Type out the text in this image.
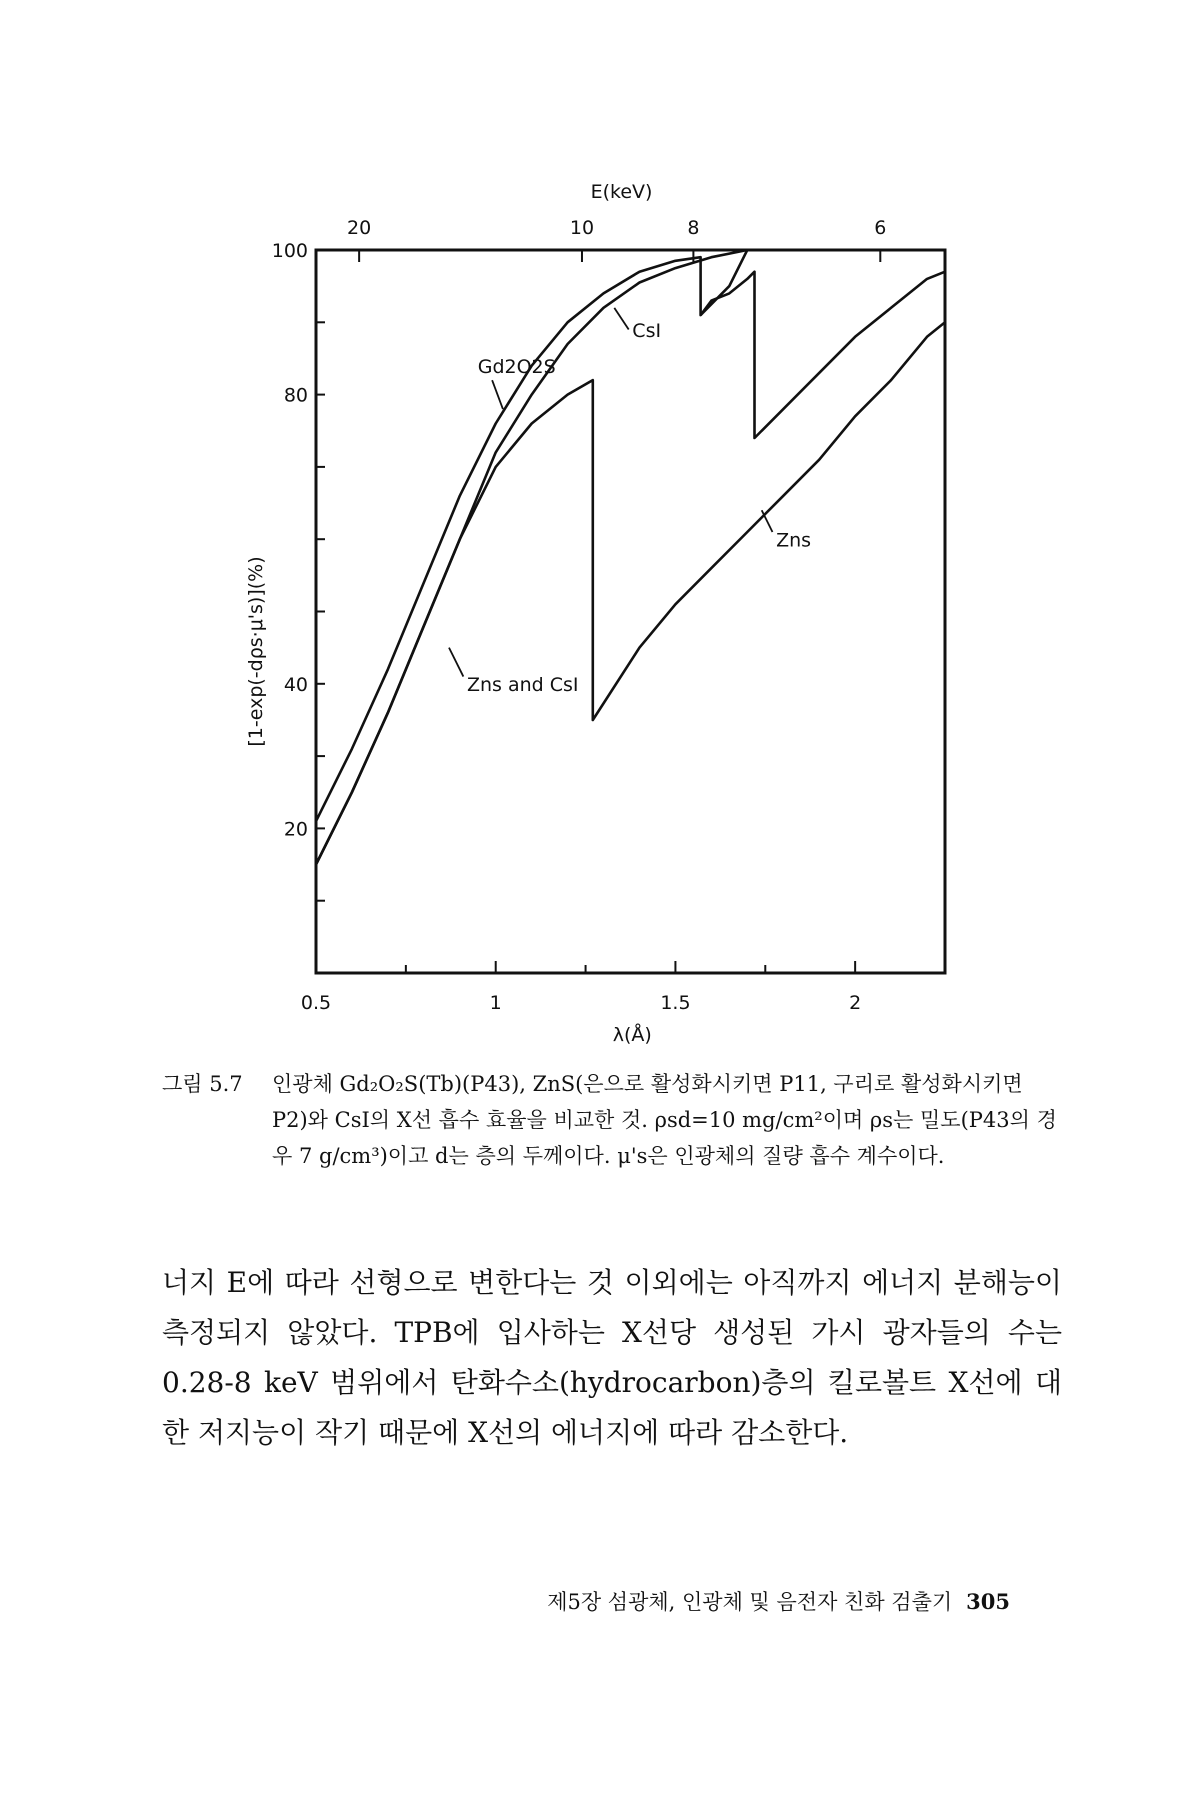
0.5	1	1.5	2
20
40
80
100
20	10	8	6
Gd2O2S
CsI
Zns
Zns and CsI
E(keV)
λ(Å)
[1-exp(-dρs·μ's)](%)
그림 5.7	인광체 Gd₂O₂S(Tb)(P43), ZnS(은으로 활성화시키면 P11, 구리로 활성화시키면 P2)와 CsI의 X선 흡수 효율을 비교한 것. ρsd=10 mg/cm²이며 ρs는 밀도(P43의 경우 7 g/cm³)이고 d는 층의 두께이다. μ's은 인광체의 질량 흡수 계수이다.
너지 E에 따라 선형으로 변한다는 것 이외에는 아직까지 에너지 분해능이 측정되지 않았다. TPB에 입사하는 X선당 생성된 가시 광자들의 수는 0.28-8 keV 범위에서 탄화수소(hydrocarbon)층의 킬로볼트 X선에 대한 저지능이 작기 때문에 X선의 에너지에 따라 감소한다.
제5장 섬광체, 인광체 및 음전자 친화 검출기 305
